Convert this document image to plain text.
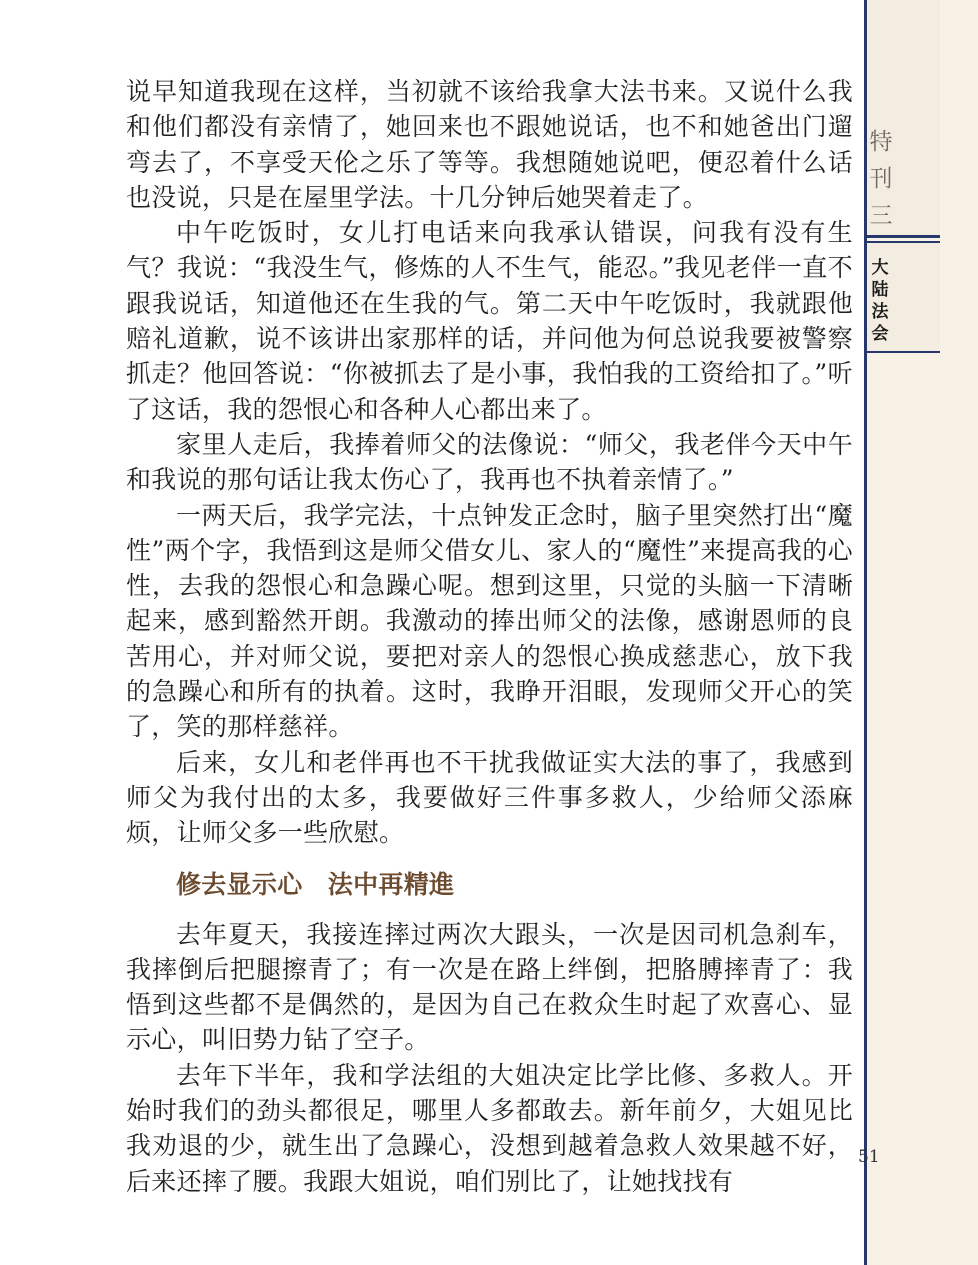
特刊三
大陆法会
51

说早知道我现在这样，当初就不该给我拿大法书来。又说什么我和他们都没有亲情了，她回来也不跟她说话，也不和她爸出门遛弯去了，不享受天伦之乐了等等。我想随她说吧，便忍着什么话也没说，只是在屋里学法。十几分钟后她哭着走了。

中午吃饭时，女儿打电话来向我承认错误，问我有没有生气？我说：“我没生气，修炼的人不生气，能忍。”我见老伴一直不跟我说话，知道他还在生我的气。第二天中午吃饭时，我就跟他赔礼道歉，说不该讲出家那样的话，并问他为何总说我要被警察抓走？他回答说：“你被抓去了是小事，我怕我的工资给扣了。”听了这话，我的怨恨心和各种人心都出来了。

家里人走后，我捧着师父的法像说：“师父，我老伴今天中午和我说的那句话让我太伤心了，我再也不执着亲情了。”

一两天后，我学完法，十点钟发正念时，脑子里突然打出“魔性”两个字，我悟到这是师父借女儿、家人的“魔性”来提高我的心性，去我的怨恨心和急躁心呢。想到这里，只觉的头脑一下清晰起来，感到豁然开朗。我激动的捧出师父的法像，感谢恩师的良苦用心，并对师父说，要把对亲人的怨恨心换成慈悲心，放下我的急躁心和所有的执着。这时，我睁开泪眼，发现师父开心的笑了，笑的那样慈祥。

后来，女儿和老伴再也不干扰我做证实大法的事了，我感到师父为我付出的太多，我要做好三件事多救人，少给师父添麻烦，让师父多一些欣慰。

修去显示心　法中再精進

去年夏天，我接连摔过两次大跟头，一次是因司机急刹车，我摔倒后把腿擦青了；有一次是在路上绊倒，把胳膊摔青了：我悟到这些都不是偶然的，是因为自己在救众生时起了欢喜心、显示心，叫旧势力钻了空子。

去年下半年，我和学法组的大姐决定比学比修、多救人。开始时我们的劲头都很足，哪里人多都敢去。新年前夕，大姐见比我劝退的少，就生出了急躁心，没想到越着急救人效果越不好，后来还摔了腰。我跟大姐说，咱们别比了，让她找找有
